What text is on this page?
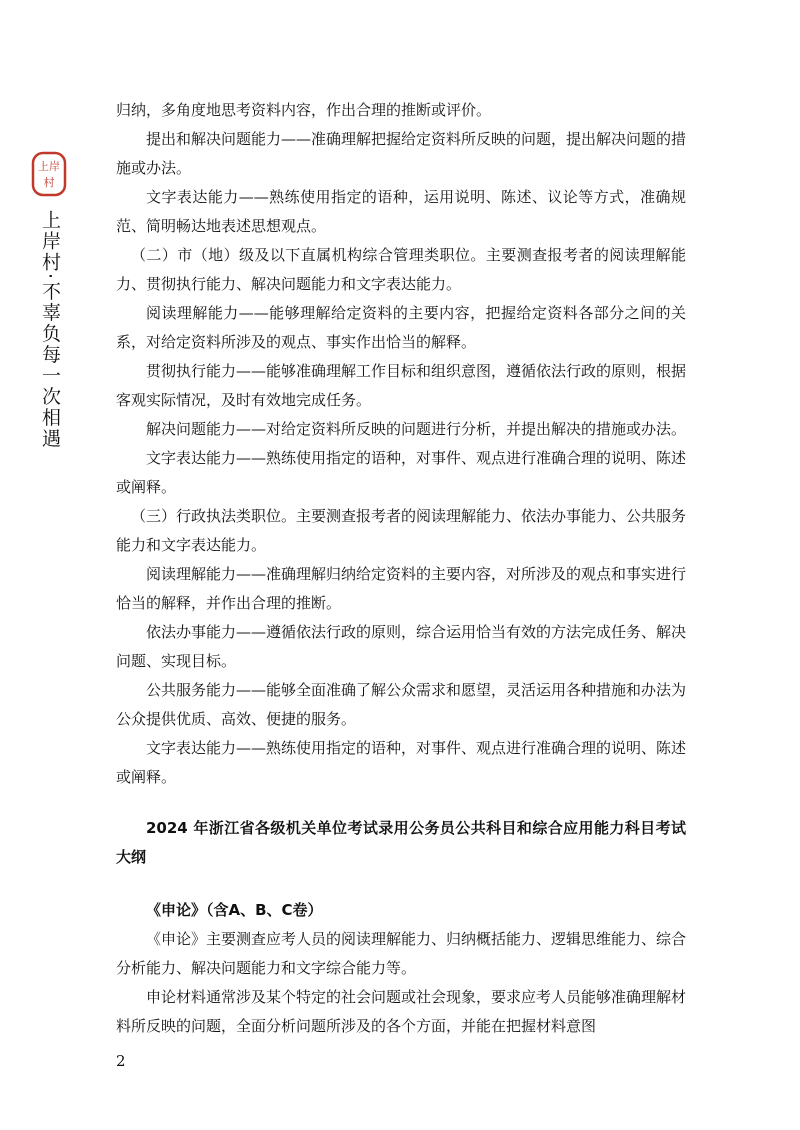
上岸
村
上岸村·不辜负每一次相遇

归纳，多角度地思考资料内容，作出合理的推断或评价。

提出和解决问题能力——准确理解把握给定资料所反映的问题，提出解决问题的措施或办法。

文字表达能力——熟练使用指定的语种，运用说明、陈述、议论等方式，准确规范、简明畅达地表述思想观点。

（二）市（地）级及以下直属机构综合管理类职位。主要测查报考者的阅读理解能力、贯彻执行能力、解决问题能力和文字表达能力。

阅读理解能力——能够理解给定资料的主要内容，把握给定资料各部分之间的关系，对给定资料所涉及的观点、事实作出恰当的解释。

贯彻执行能力——能够准确理解工作目标和组织意图，遵循依法行政的原则，根据客观实际情况，及时有效地完成任务。

解决问题能力——对给定资料所反映的问题进行分析，并提出解决的措施或办法。

文字表达能力——熟练使用指定的语种，对事件、观点进行准确合理的说明、陈述或阐释。

（三）行政执法类职位。主要测查报考者的阅读理解能力、依法办事能力、公共服务能力和文字表达能力。

阅读理解能力——准确理解归纳给定资料的主要内容，对所涉及的观点和事实进行恰当的解释，并作出合理的推断。

依法办事能力——遵循依法行政的原则，综合运用恰当有效的方法完成任务、解决问题、实现目标。

公共服务能力——能够全面准确了解公众需求和愿望，灵活运用各种措施和办法为公众提供优质、高效、便捷的服务。

文字表达能力——熟练使用指定的语种，对事件、观点进行准确合理的说明、陈述或阐释。

2024 年浙江省各级机关单位考试录用公务员公共科目和综合应用能力科目考试大纲

《申论》（含A、B、C卷）

《申论》主要测查应考人员的阅读理解能力、归纳概括能力、逻辑思维能力、综合分析能力、解决问题能力和文字综合能力等。

申论材料通常涉及某个特定的社会问题或社会现象，要求应考人员能够准确理解材料所反映的问题，全面分析问题所涉及的各个方面，并能在把握材料意图

2
